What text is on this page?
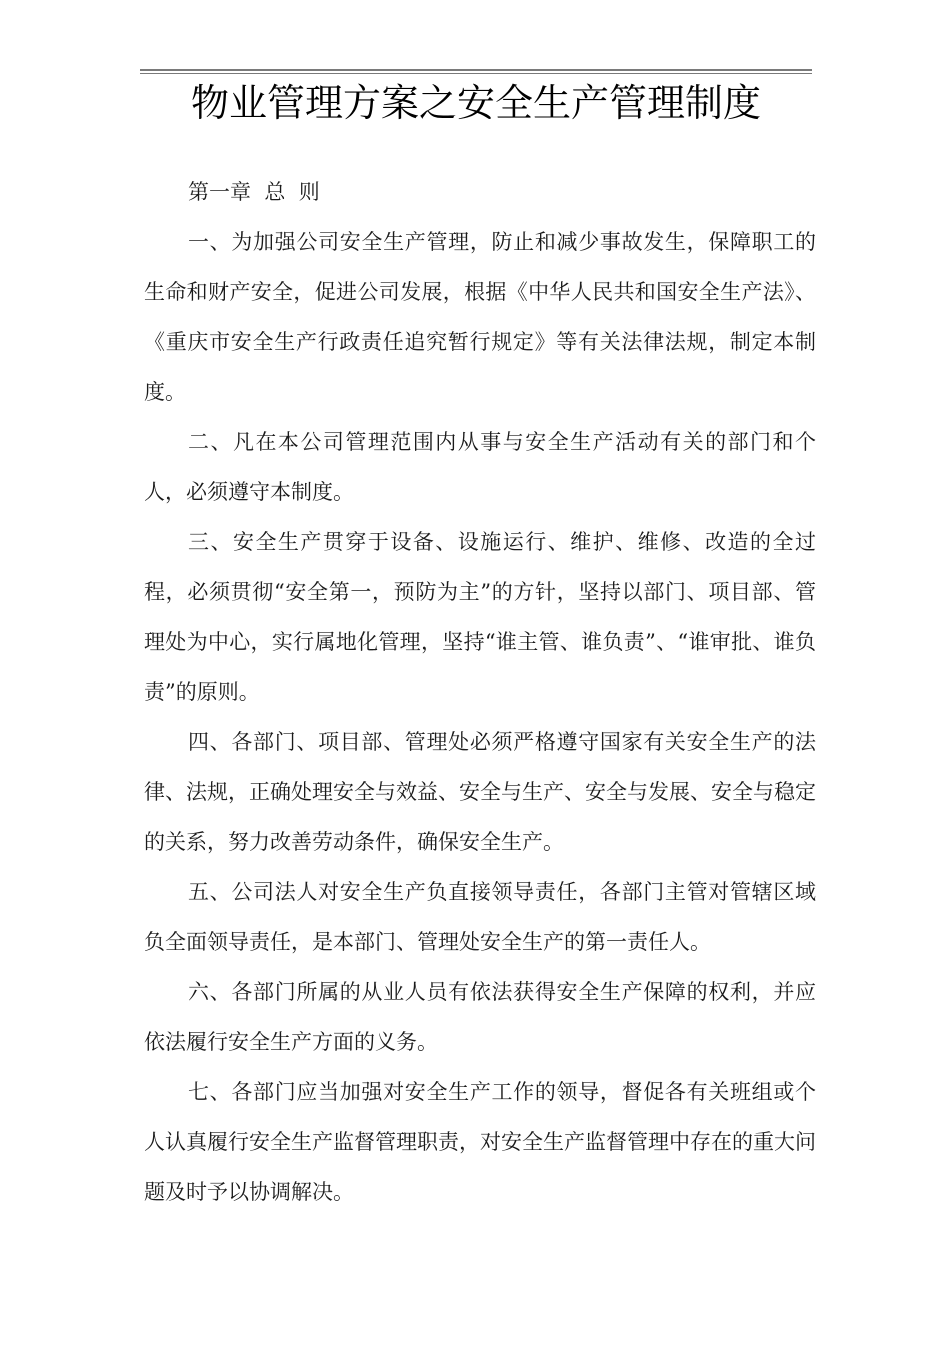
物业管理方案之安全生产管理制度

第一章  总  则

一、为加强公司安全生产管理，防止和减少事故发生，保障职工的生命和财产安全，促进公司发展，根据《中华人民共和国安全生产法》、《重庆市安全生产行政责任追究暂行规定》等有关法律法规，制定本制度。

二、凡在本公司管理范围内从事与安全生产活动有关的部门和个人，必须遵守本制度。

三、安全生产贯穿于设备、设施运行、维护、维修、改造的全过程，必须贯彻“安全第一，预防为主”的方针，坚持以部门、项目部、管理处为中心，实行属地化管理，坚持“谁主管、谁负责”、“谁审批、谁负责”的原则。

四、各部门、项目部、管理处必须严格遵守国家有关安全生产的法律、法规，正确处理安全与效益、安全与生产、安全与发展、安全与稳定的关系，努力改善劳动条件，确保安全生产。

五、公司法人对安全生产负直接领导责任，各部门主管对管辖区域负全面领导责任，是本部门、管理处安全生产的第一责任人。

六、各部门所属的从业人员有依法获得安全生产保障的权利，并应依法履行安全生产方面的义务。

七、各部门应当加强对安全生产工作的领导，督促各有关班组或个人认真履行安全生产监督管理职责，对安全生产监督管理中存在的重大问题及时予以协调解决。
